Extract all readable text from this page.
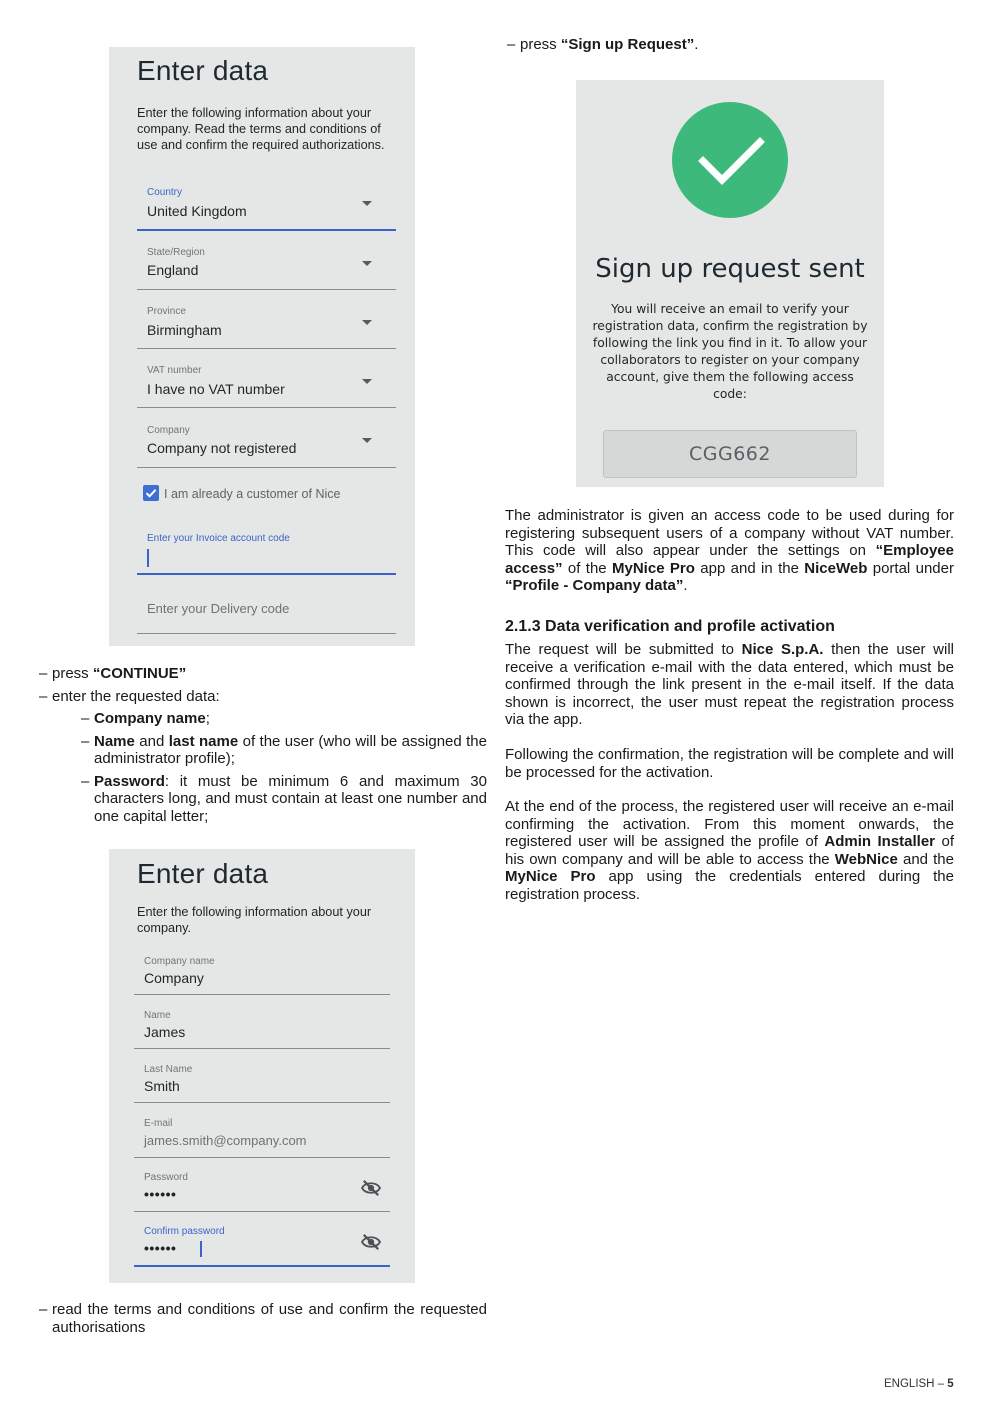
Enter data
Enter the following information about your company. Read the terms and conditions of use and confirm the required authorizations.
Country
United Kingdom
State/Region
England
Province
Birmingham
VAT number
I have no VAT number
Company
Company not registered
I am already a customer of Nice
Enter your Invoice account code
Enter your Delivery code
– press “CONTINUE”
– enter the requested data:
– Company name;
– Name and last name of the user (who will be assigned the administrator profile);
– Password: it must be minimum 6 and maximum 30 characters long, and must contain at least one number and one capital letter;
Enter data
Enter the following information about your company.
Company name
Company
Name
James
Last Name
Smith
E-mail
james.smith@company.com
Password
••••••
Confirm password
••••••
– read the terms and conditions of use and confirm the requested authorisations
– press “Sign up Request”.
Sign up request sent
You will receive an email to verify your registration data, confirm the registration by following the link you find in it. To allow your collaborators to register on your company account, give them the following access code:
CGG662
The administrator is given an access code to be used during for registering subsequent users of a company without VAT number. This code will also appear under the settings on “Employee access” of the MyNice Pro app and in the NiceWeb portal under “Profile - Company data”.
2.1.3 Data verification and profile activation
The request will be submitted to Nice S.p.A. then the user will receive a verification e-mail with the data entered, which must be confirmed through the link present in the e-mail itself. If the data shown is incorrect, the user must repeat the registration process via the app.
Following the confirmation, the registration will be complete and will be processed for the activation.
At the end of the process, the registered user will receive an e-mail confirming the activation. From this moment onwards, the registered user will be assigned the profile of Admin Installer of his own company and will be able to access the WebNice and the MyNice Pro app using the credentials entered during the registration process.
ENGLISH – 5
